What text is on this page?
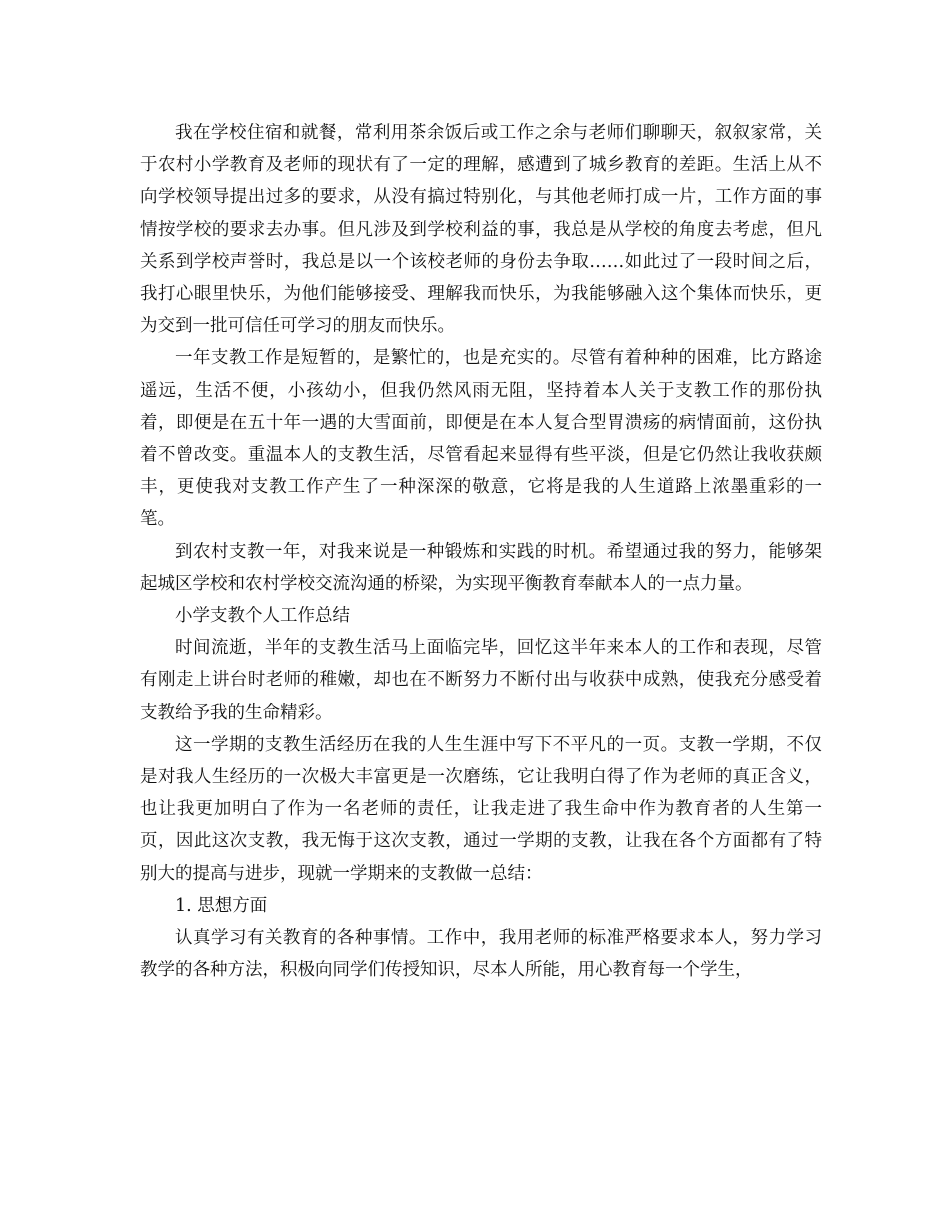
我在学校住宿和就餐，常利用茶余饭后或工作之余与老师们聊聊天，叙叙家常，关于农村小学教育及老师的现状有了一定的理解，感遭到了城乡教育的差距。生活上从不向学校领导提出过多的要求，从没有搞过特别化，与其他老师打成一片，工作方面的事情按学校的要求去办事。但凡涉及到学校利益的事，我总是从学校的角度去考虑，但凡关系到学校声誉时，我总是以一个该校老师的身份去争取……如此过了一段时间之后，我打心眼里快乐，为他们能够接受、理解我而快乐，为我能够融入这个集体而快乐，更为交到一批可信任可学习的朋友而快乐。

一年支教工作是短暂的，是繁忙的，也是充实的。尽管有着种种的困难，比方路途遥远，生活不便，小孩幼小，但我仍然风雨无阻，坚持着本人关于支教工作的那份执着，即便是在五十年一遇的大雪面前，即便是在本人复合型胃溃疡的病情面前，这份执着不曾改变。重温本人的支教生活，尽管看起来显得有些平淡，但是它仍然让我收获颇丰，更使我对支教工作产生了一种深深的敬意，它将是我的人生道路上浓墨重彩的一笔。

到农村支教一年，对我来说是一种锻炼和实践的时机。希望通过我的努力，能够架起城区学校和农村学校交流沟通的桥梁，为实现平衡教育奉献本人的一点力量。

小学支教个人工作总结

时间流逝，半年的支教生活马上面临完毕，回忆这半年来本人的工作和表现，尽管有刚走上讲台时老师的稚嫩，却也在不断努力不断付出与收获中成熟，使我充分感受着支教给予我的生命精彩。

这一学期的支教生活经历在我的人生生涯中写下不平凡的一页。支教一学期，不仅是对我人生经历的一次极大丰富更是一次磨练，它让我明白得了作为老师的真正含义，也让我更加明白了作为一名老师的责任，让我走进了我生命中作为教育者的人生第一页，因此这次支教，我无悔于这次支教，通过一学期的支教，让我在各个方面都有了特别大的提高与进步，现就一学期来的支教做一总结：

1. 思想方面

认真学习有关教育的各种事情。工作中，我用老师的标准严格要求本人，努力学习教学的各种方法，积极向同学们传授知识，尽本人所能，用心教育每一个学生，
